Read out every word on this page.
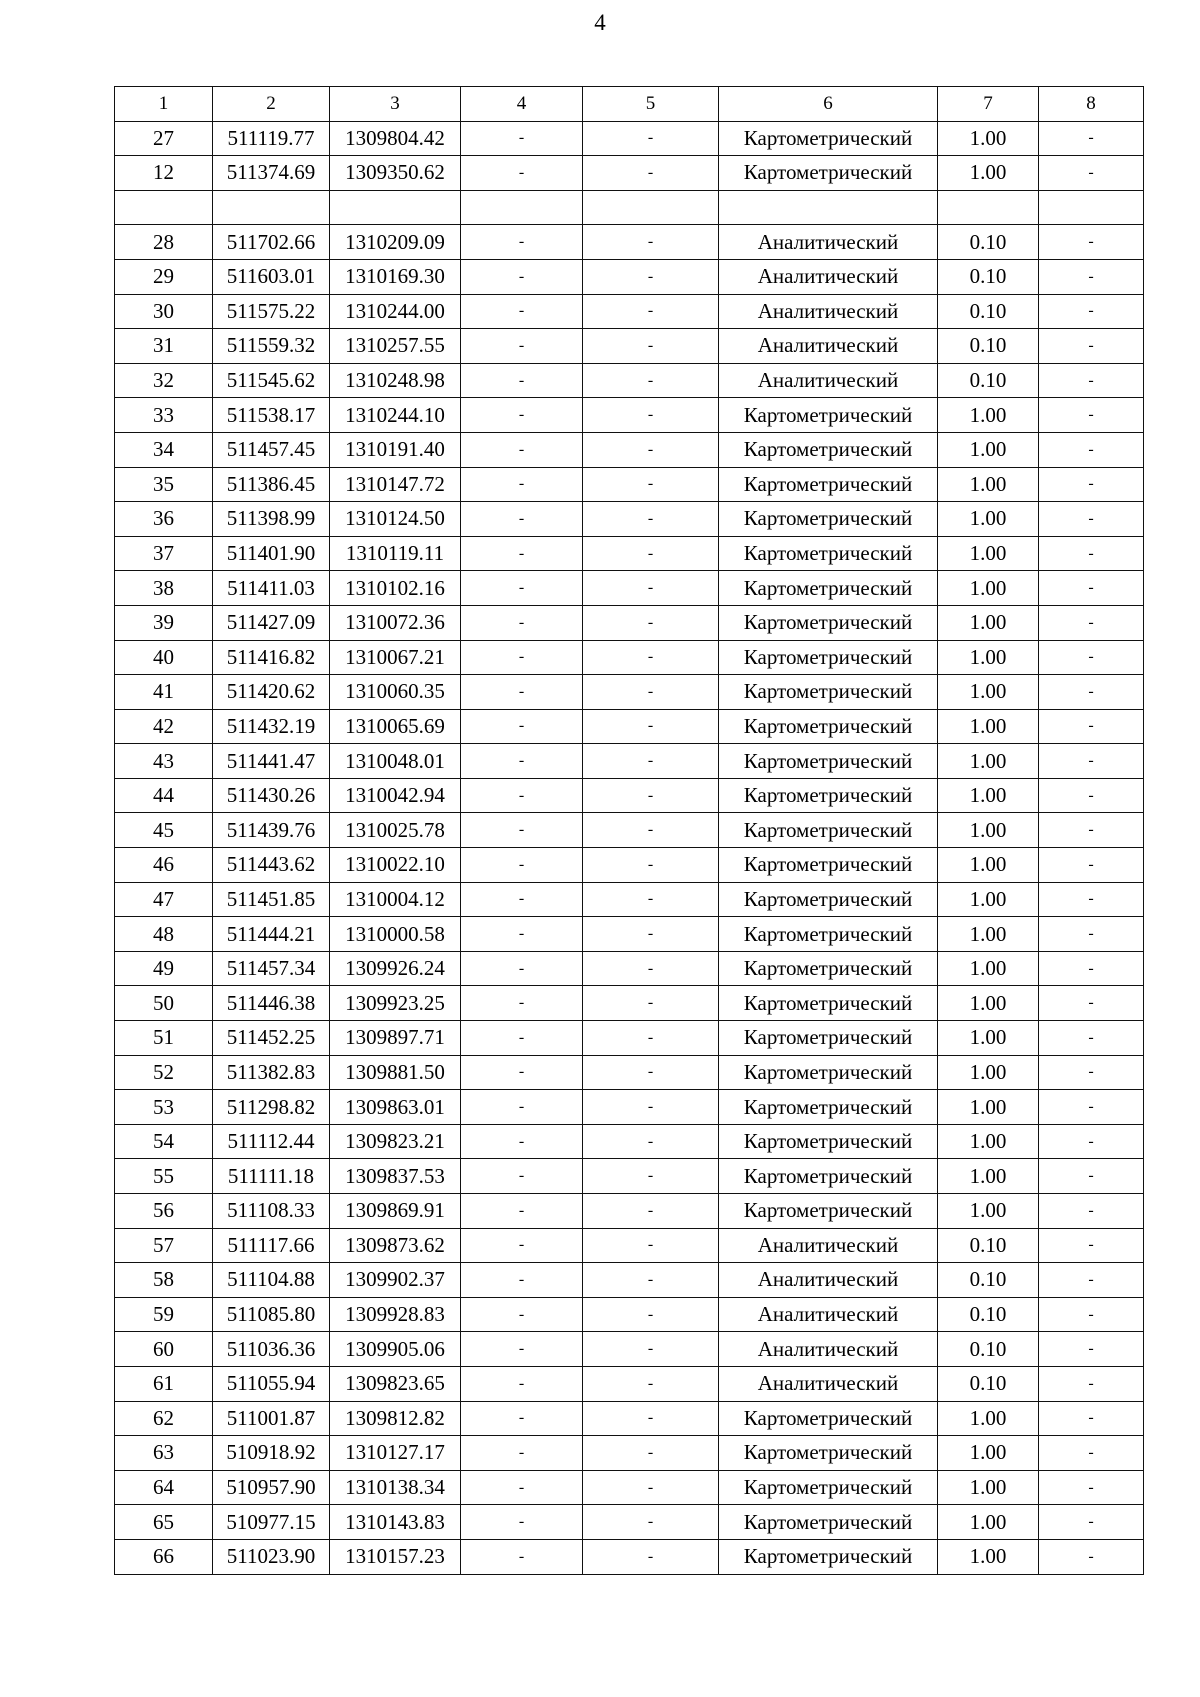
4
1	2	3	4	5	6	7	8
27	511119.77	1309804.42	-	-	Картометрический	1.00	-
12	511374.69	1309350.62	-	-	Картометрический	1.00	-

28	511702.66	1310209.09	-	-	Аналитический	0.10	-
29	511603.01	1310169.30	-	-	Аналитический	0.10	-
30	511575.22	1310244.00	-	-	Аналитический	0.10	-
31	511559.32	1310257.55	-	-	Аналитический	0.10	-
32	511545.62	1310248.98	-	-	Аналитический	0.10	-
33	511538.17	1310244.10	-	-	Картометрический	1.00	-
34	511457.45	1310191.40	-	-	Картометрический	1.00	-
35	511386.45	1310147.72	-	-	Картометрический	1.00	-
36	511398.99	1310124.50	-	-	Картометрический	1.00	-
37	511401.90	1310119.11	-	-	Картометрический	1.00	-
38	511411.03	1310102.16	-	-	Картометрический	1.00	-
39	511427.09	1310072.36	-	-	Картометрический	1.00	-
40	511416.82	1310067.21	-	-	Картометрический	1.00	-
41	511420.62	1310060.35	-	-	Картометрический	1.00	-
42	511432.19	1310065.69	-	-	Картометрический	1.00	-
43	511441.47	1310048.01	-	-	Картометрический	1.00	-
44	511430.26	1310042.94	-	-	Картометрический	1.00	-
45	511439.76	1310025.78	-	-	Картометрический	1.00	-
46	511443.62	1310022.10	-	-	Картометрический	1.00	-
47	511451.85	1310004.12	-	-	Картометрический	1.00	-
48	511444.21	1310000.58	-	-	Картометрический	1.00	-
49	511457.34	1309926.24	-	-	Картометрический	1.00	-
50	511446.38	1309923.25	-	-	Картометрический	1.00	-
51	511452.25	1309897.71	-	-	Картометрический	1.00	-
52	511382.83	1309881.50	-	-	Картометрический	1.00	-
53	511298.82	1309863.01	-	-	Картометрический	1.00	-
54	511112.44	1309823.21	-	-	Картометрический	1.00	-
55	511111.18	1309837.53	-	-	Картометрический	1.00	-
56	511108.33	1309869.91	-	-	Картометрический	1.00	-
57	511117.66	1309873.62	-	-	Аналитический	0.10	-
58	511104.88	1309902.37	-	-	Аналитический	0.10	-
59	511085.80	1309928.83	-	-	Аналитический	0.10	-
60	511036.36	1309905.06	-	-	Аналитический	0.10	-
61	511055.94	1309823.65	-	-	Аналитический	0.10	-
62	511001.87	1309812.82	-	-	Картометрический	1.00	-
63	510918.92	1310127.17	-	-	Картометрический	1.00	-
64	510957.90	1310138.34	-	-	Картометрический	1.00	-
65	510977.15	1310143.83	-	-	Картометрический	1.00	-
66	511023.90	1310157.23	-	-	Картометрический	1.00	-
